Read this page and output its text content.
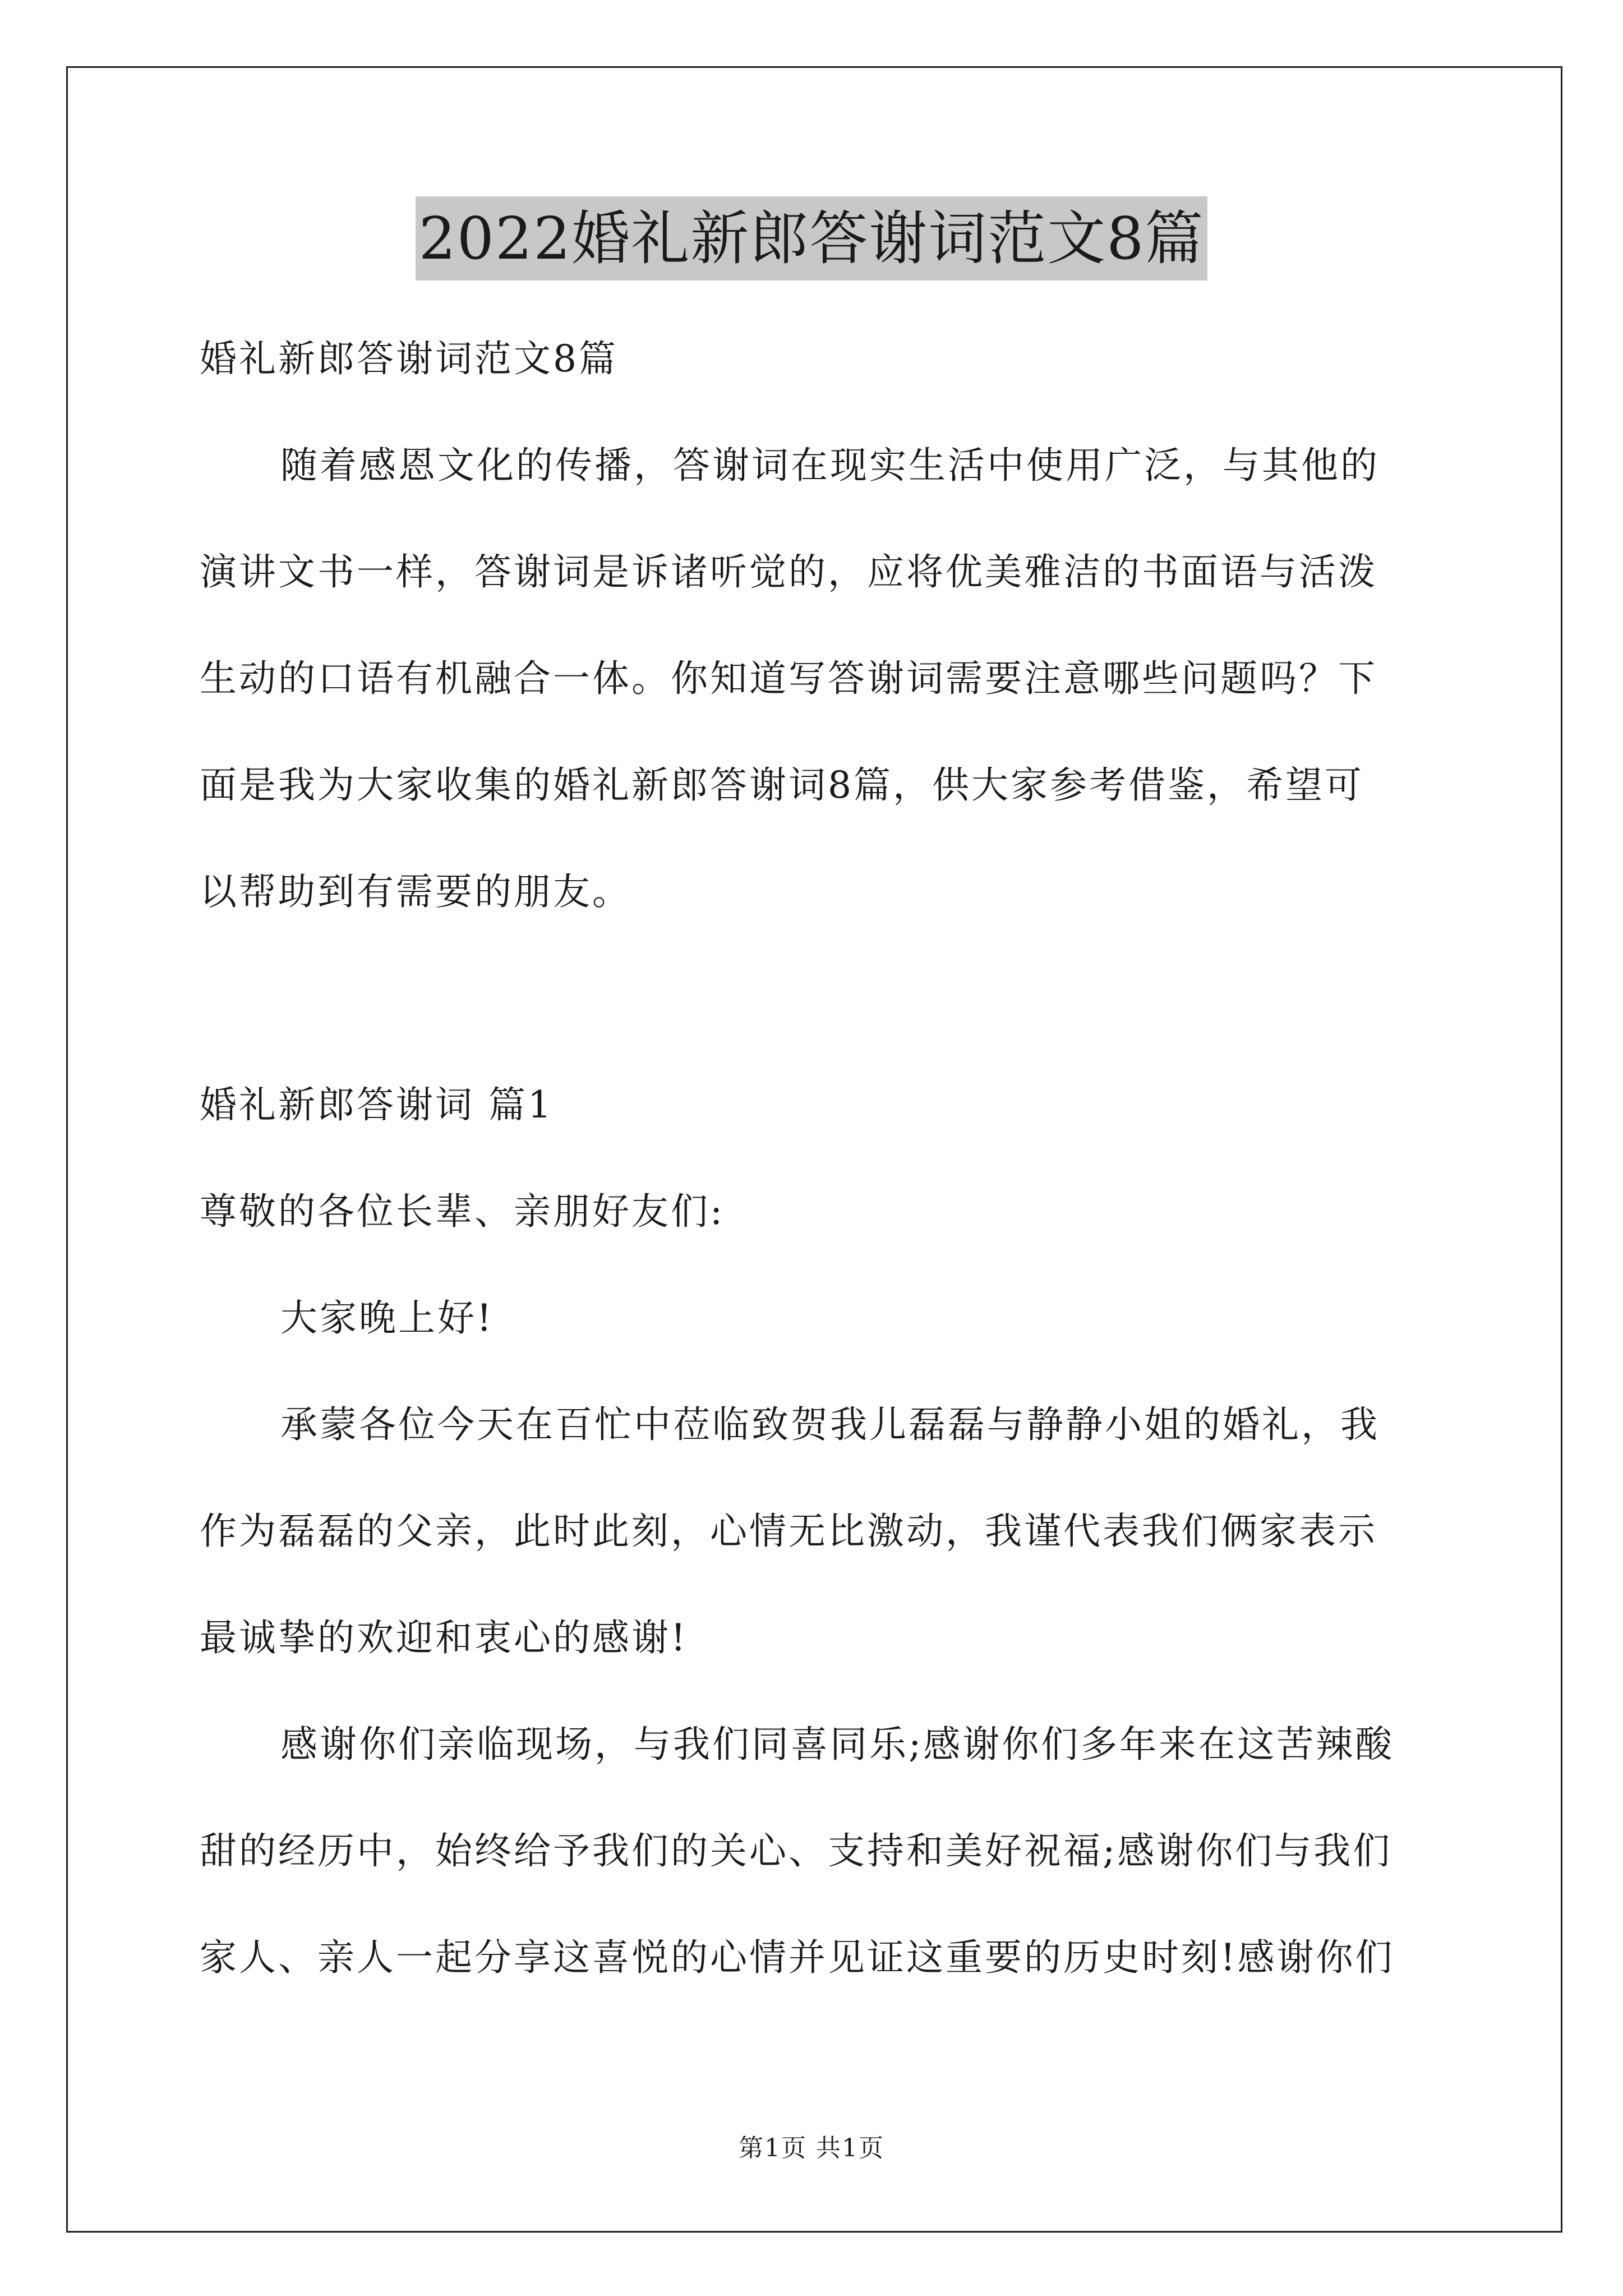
2022婚礼新郎答谢词范文8篇
婚礼新郎答谢词范文8篇
随着感恩文化的传播，答谢词在现实生活中使用广泛，与其他的
演讲文书一样，答谢词是诉诸听觉的，应将优美雅洁的书面语与活泼
生动的口语有机融合一体。你知道写答谢词需要注意哪些问题吗？下
面是我为大家收集的婚礼新郎答谢词8篇，供大家参考借鉴，希望可
以帮助到有需要的朋友。
婚礼新郎答谢词 篇1
尊敬的各位长辈、亲朋好友们:
大家晚上好!
承蒙各位今天在百忙中莅临致贺我儿磊磊与静静小姐的婚礼，我
作为磊磊的父亲，此时此刻，心情无比激动，我谨代表我们俩家表示
最诚挚的欢迎和衷心的感谢!
感谢你们亲临现场，与我们同喜同乐;感谢你们多年来在这苦辣酸
甜的经历中，始终给予我们的关心、支持和美好祝福;感谢你们与我们
家人、亲人一起分享这喜悦的心情并见证这重要的历史时刻!感谢你们
第1页 共1页
